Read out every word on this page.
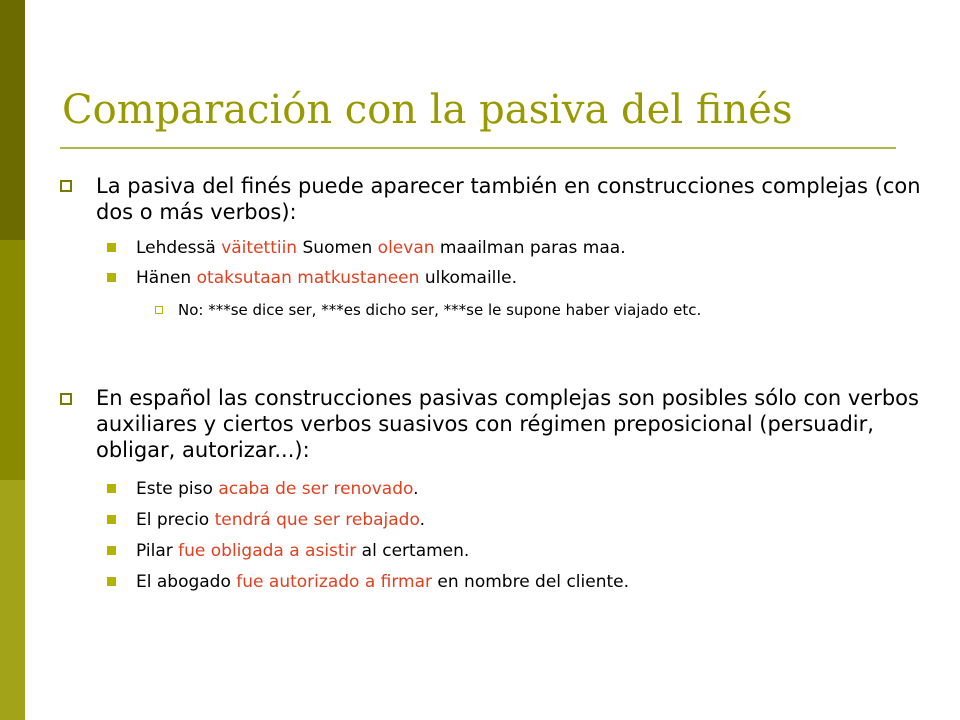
Comparación con la pasiva del finés
La pasiva del finés puede aparecer también en construcciones complejas (con dos o más verbos):
Lehdessä väitettiin Suomen olevan maailman paras maa.
Hänen otaksutaan matkustaneen ulkomaille.
No: ***se dice ser, ***es dicho ser, ***se le supone haber viajado etc.
En español las construcciones pasivas complejas son posibles sólo con verbos auxiliares y ciertos verbos suasivos con régimen preposicional (persuadir, obligar, autorizar...):
Este piso acaba de ser renovado.
El precio tendrá que ser rebajado.
Pilar fue obligada a asistir al certamen.
El abogado fue autorizado a firmar en nombre del cliente.
